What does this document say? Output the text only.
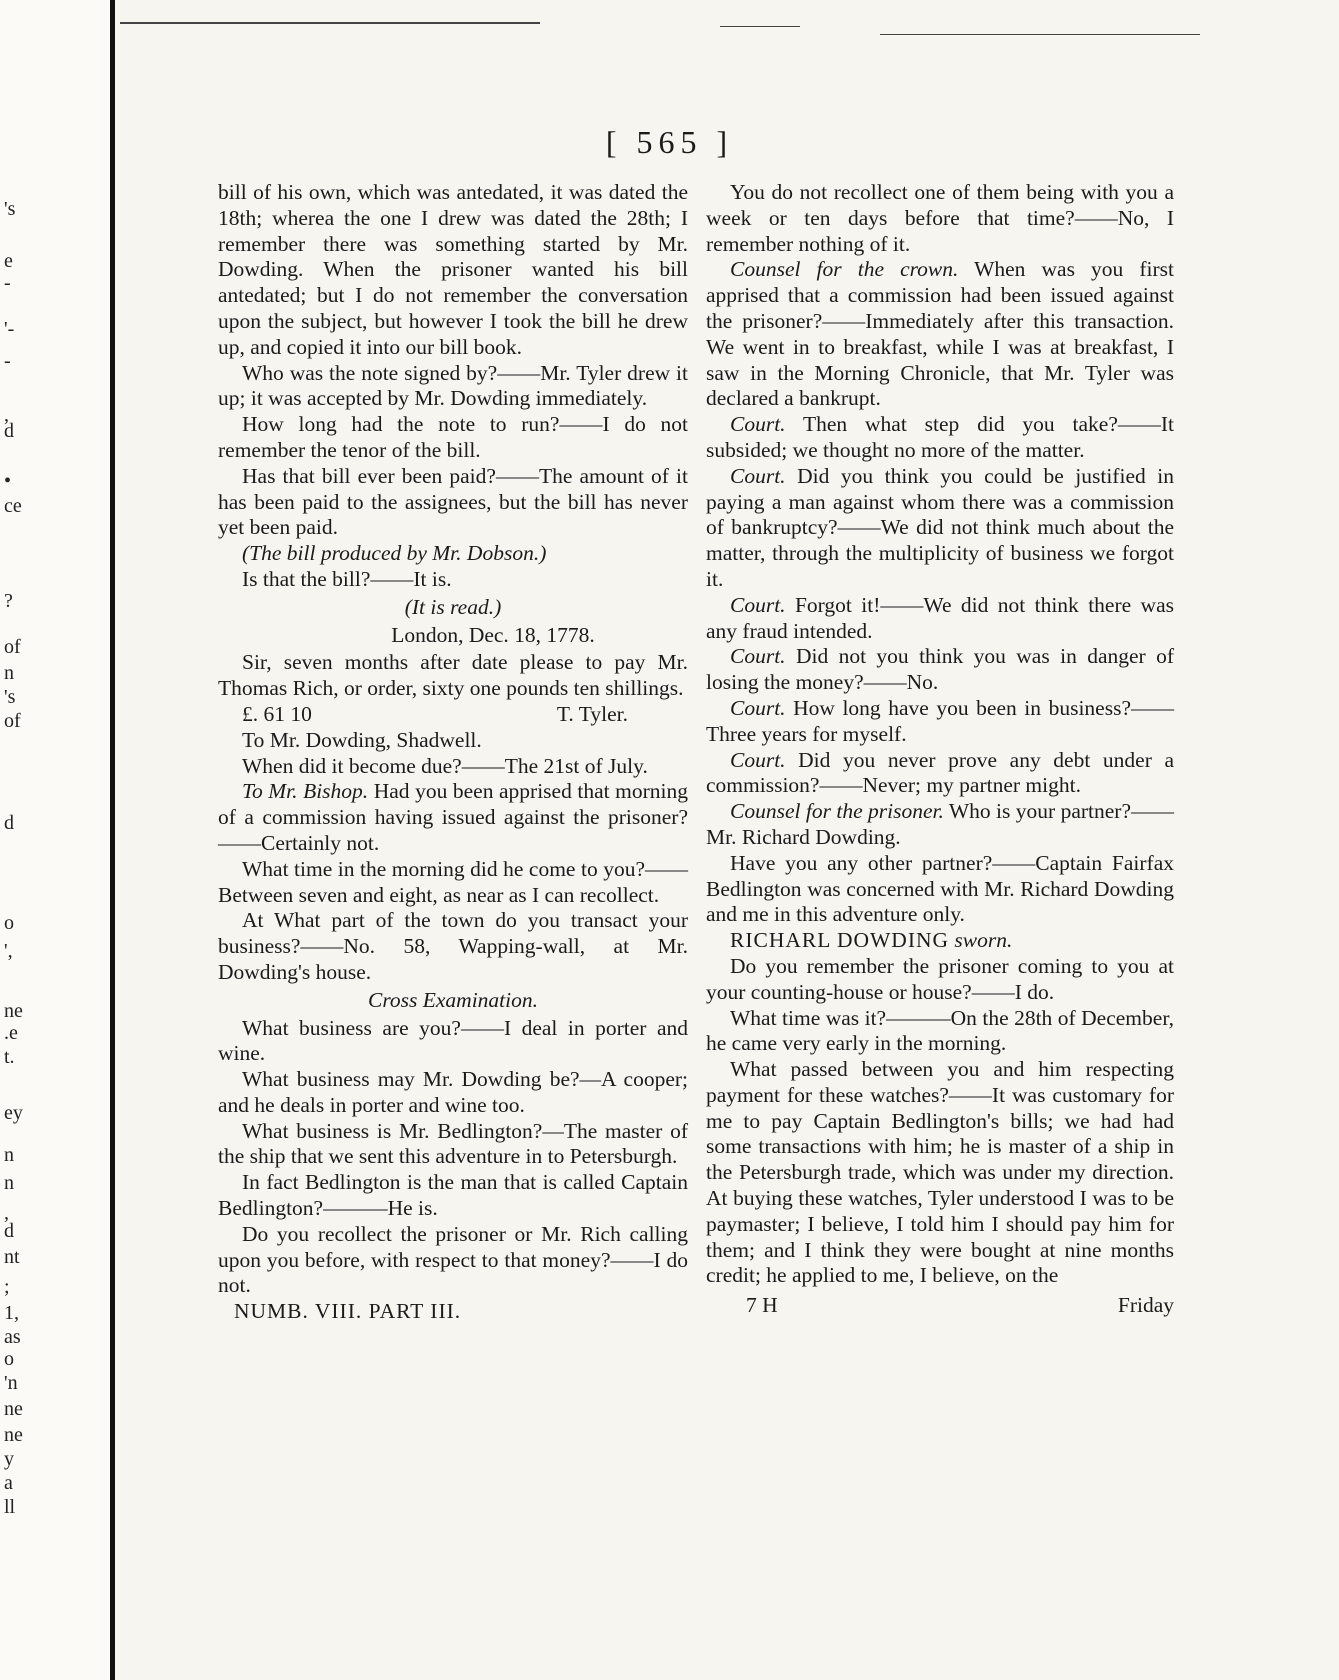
's
e
-
'-
-
,
d
•
ce
?
of
n
's
of
d
o
',
ne
.e
t.
ey
n
n
,
d
nt
;
1,
as
o
'n
ne
ne
y
a
ll
[ 565 ]

bill of his own, which was antedated, it was dated the 18th; wherea the one I drew was dated the 28th; I remember there was something started by Mr. Dowding. When the prisoner wanted his bill antedated; but I do not remember the conversation upon the subject, but however I took the bill he drew up, and copied it into our bill book.

Who was the note signed by?——Mr. Tyler drew it up; it was accepted by Mr. Dowding immediately.

How long had the note to run?——I do not remember the tenor of the bill.

Has that bill ever been paid?——The amount of it has been paid to the assignees, but the bill has never yet been paid.

(The bill produced by Mr. Dobson.)

Is that the bill?——It is.

(It is read.)

London, Dec. 18, 1778.

Sir, seven months after date please to pay Mr. Thomas Rich, or order, sixty one pounds ten shillings.

£. 61 10	T. Tyler.

To Mr. Dowding, Shadwell.

When did it become due?——The 21st of July.

To Mr. Bishop. Had you been apprised that morning of a commission having issued against the prisoner?——Certainly not.

What time in the morning did he come to you?——Between seven and eight, as near as I can recollect.

At What part of the town do you transact your business?——No. 58, Wapping-wall, at Mr. Dowding's house.

Cross Examination.

What business are you?——I deal in porter and wine.

What business may Mr. Dowding be?—A cooper; and he deals in porter and wine too.

What business is Mr. Bedlington?—The master of the ship that we sent this adventure in to Petersburgh.

In fact Bedlington is the man that is called Captain Bedlington?———He is.

Do you recollect the prisoner or Mr. Rich calling upon you before, with respect to that money?——I do not.

NUMB. VIII. PART III.

You do not recollect one of them being with you a week or ten days before that time?——No, I remember nothing of it.

Counsel for the crown. When was you first apprised that a commission had been issued against the prisoner?——Immediately after this transaction. We went in to breakfast, while I was at breakfast, I saw in the Morning Chronicle, that Mr. Tyler was declared a bankrupt.

Court. Then what step did you take?——It subsided; we thought no more of the matter.

Court. Did you think you could be justified in paying a man against whom there was a commission of bankruptcy?——We did not think much about the matter, through the multiplicity of business we forgot it.

Court. Forgot it!——We did not think there was any fraud intended.

Court. Did not you think you was in danger of losing the money?——No.

Court. How long have you been in business?——Three years for myself.

Court. Did you never prove any debt under a commission?——Never; my partner might.

Counsel for the prisoner. Who is your partner?——Mr. Richard Dowding.

Have you any other partner?——Captain Fairfax Bedlington was concerned with Mr. Richard Dowding and me in this adventure only.

RICHARL DOWDING sworn.

Do you remember the prisoner coming to you at your counting-house or house?——I do.

What time was it?———On the 28th of December, he came very early in the morning.

What passed between you and him respecting payment for these watches?——It was customary for me to pay Captain Bedlington's bills; we had had some transactions with him; he is master of a ship in the Petersburgh trade, which was under my direction. At buying these watches, Tyler understood I was to be paymaster; I believe, I told him I should pay him for them; and I think they were bought at nine months credit; he applied to me, I believe, on the

7 H	Friday
